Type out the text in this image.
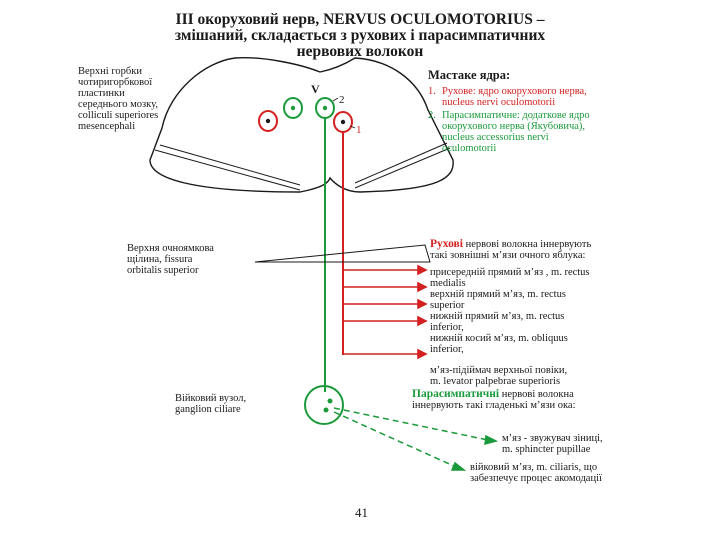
ІІІ окоруховий нерв, NERVUS OCULOMOTORIUS –
змішаний, складається з рухових і парасимпатичних
нервових волокон
V
2
1
Верхні горбки
чотиригорбкової
пластинки
середнього мозку,
colliculi superiores
mesencephali
Мастаке ядра:
1. Рухове: ядро окорухового нерва,
nucleus nervi oculomotorii
2. Парасимпатичне: додаткове ядро
окорухового нерва (Якубовича),
nucleus accessorius nervi
oculomotorii
Верхня очноямкова
щілина, fissura
orbitalis superior
Рухові нервові волокна іннервують
такі зовнішні м’язи очного яблука:
присередній прямий м’яз , m. rectus
medialis
верхній прямий м’яз, m. rectus
superior
нижній прямий м’яз, m. rectus
inferior,
нижній косий м’яз, m. obliquus
inferior,
м’яз-підіймач верхньої повіки,
m. levator palpebrae superioris
Війковий вузол,
ganglion ciliare
Парасимпатичні нервові волокна
іннервують такі гладенькі м’язи ока:
м’яз - звужувач зіниці,
m. sphincter pupillae
війковий м’яз, m. ciliaris, що
забезпечує процес акомодації
41
